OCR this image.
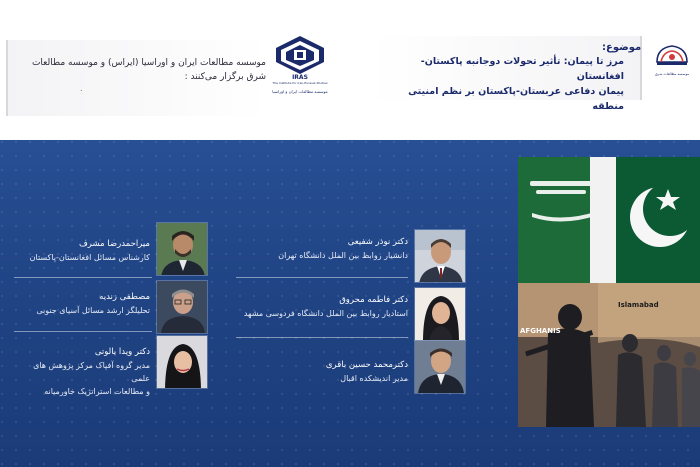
موسسه مطالعات ایران و اوراسیا (ایراس) و موسسه مطالعات
شرق برگزار می‌کنند :
.
موضوع:
مرز تا پیمان: تأثیر تحولات دوجانبه پاکستان-افغانستان
پیمان دفاعی عربستان-پاکستان بر نظم امنیتی منطقه
IRAS
The Institute for Iran-Eurasia Studies
موسسه مطالعات ایران و اوراسیا
موسسه مطالعات شرق
دکتر نوذر شفیعی
دانشیار روابط بین الملل دانشگاه تهران
دکتر فاطمه محروق
استادیار روابط بین الملل دانشگاه فردوسی مشهد
دکترمحمد حسین باقری
مدیر اندیشکده اقبال
میراحمدرضا مشرف
کارشناس مسائل افغانستان-پاکستان
مصطفی زندیه
تحلیلگر ارشد مسائل آسیای جنوبی
دکتر ویدا یالوتی
مدیر گروه آفپاک مرکز پژوهش های علمی
و مطالعات استراتژیک خاورمیانه
AFGHANIS
Islamabad
